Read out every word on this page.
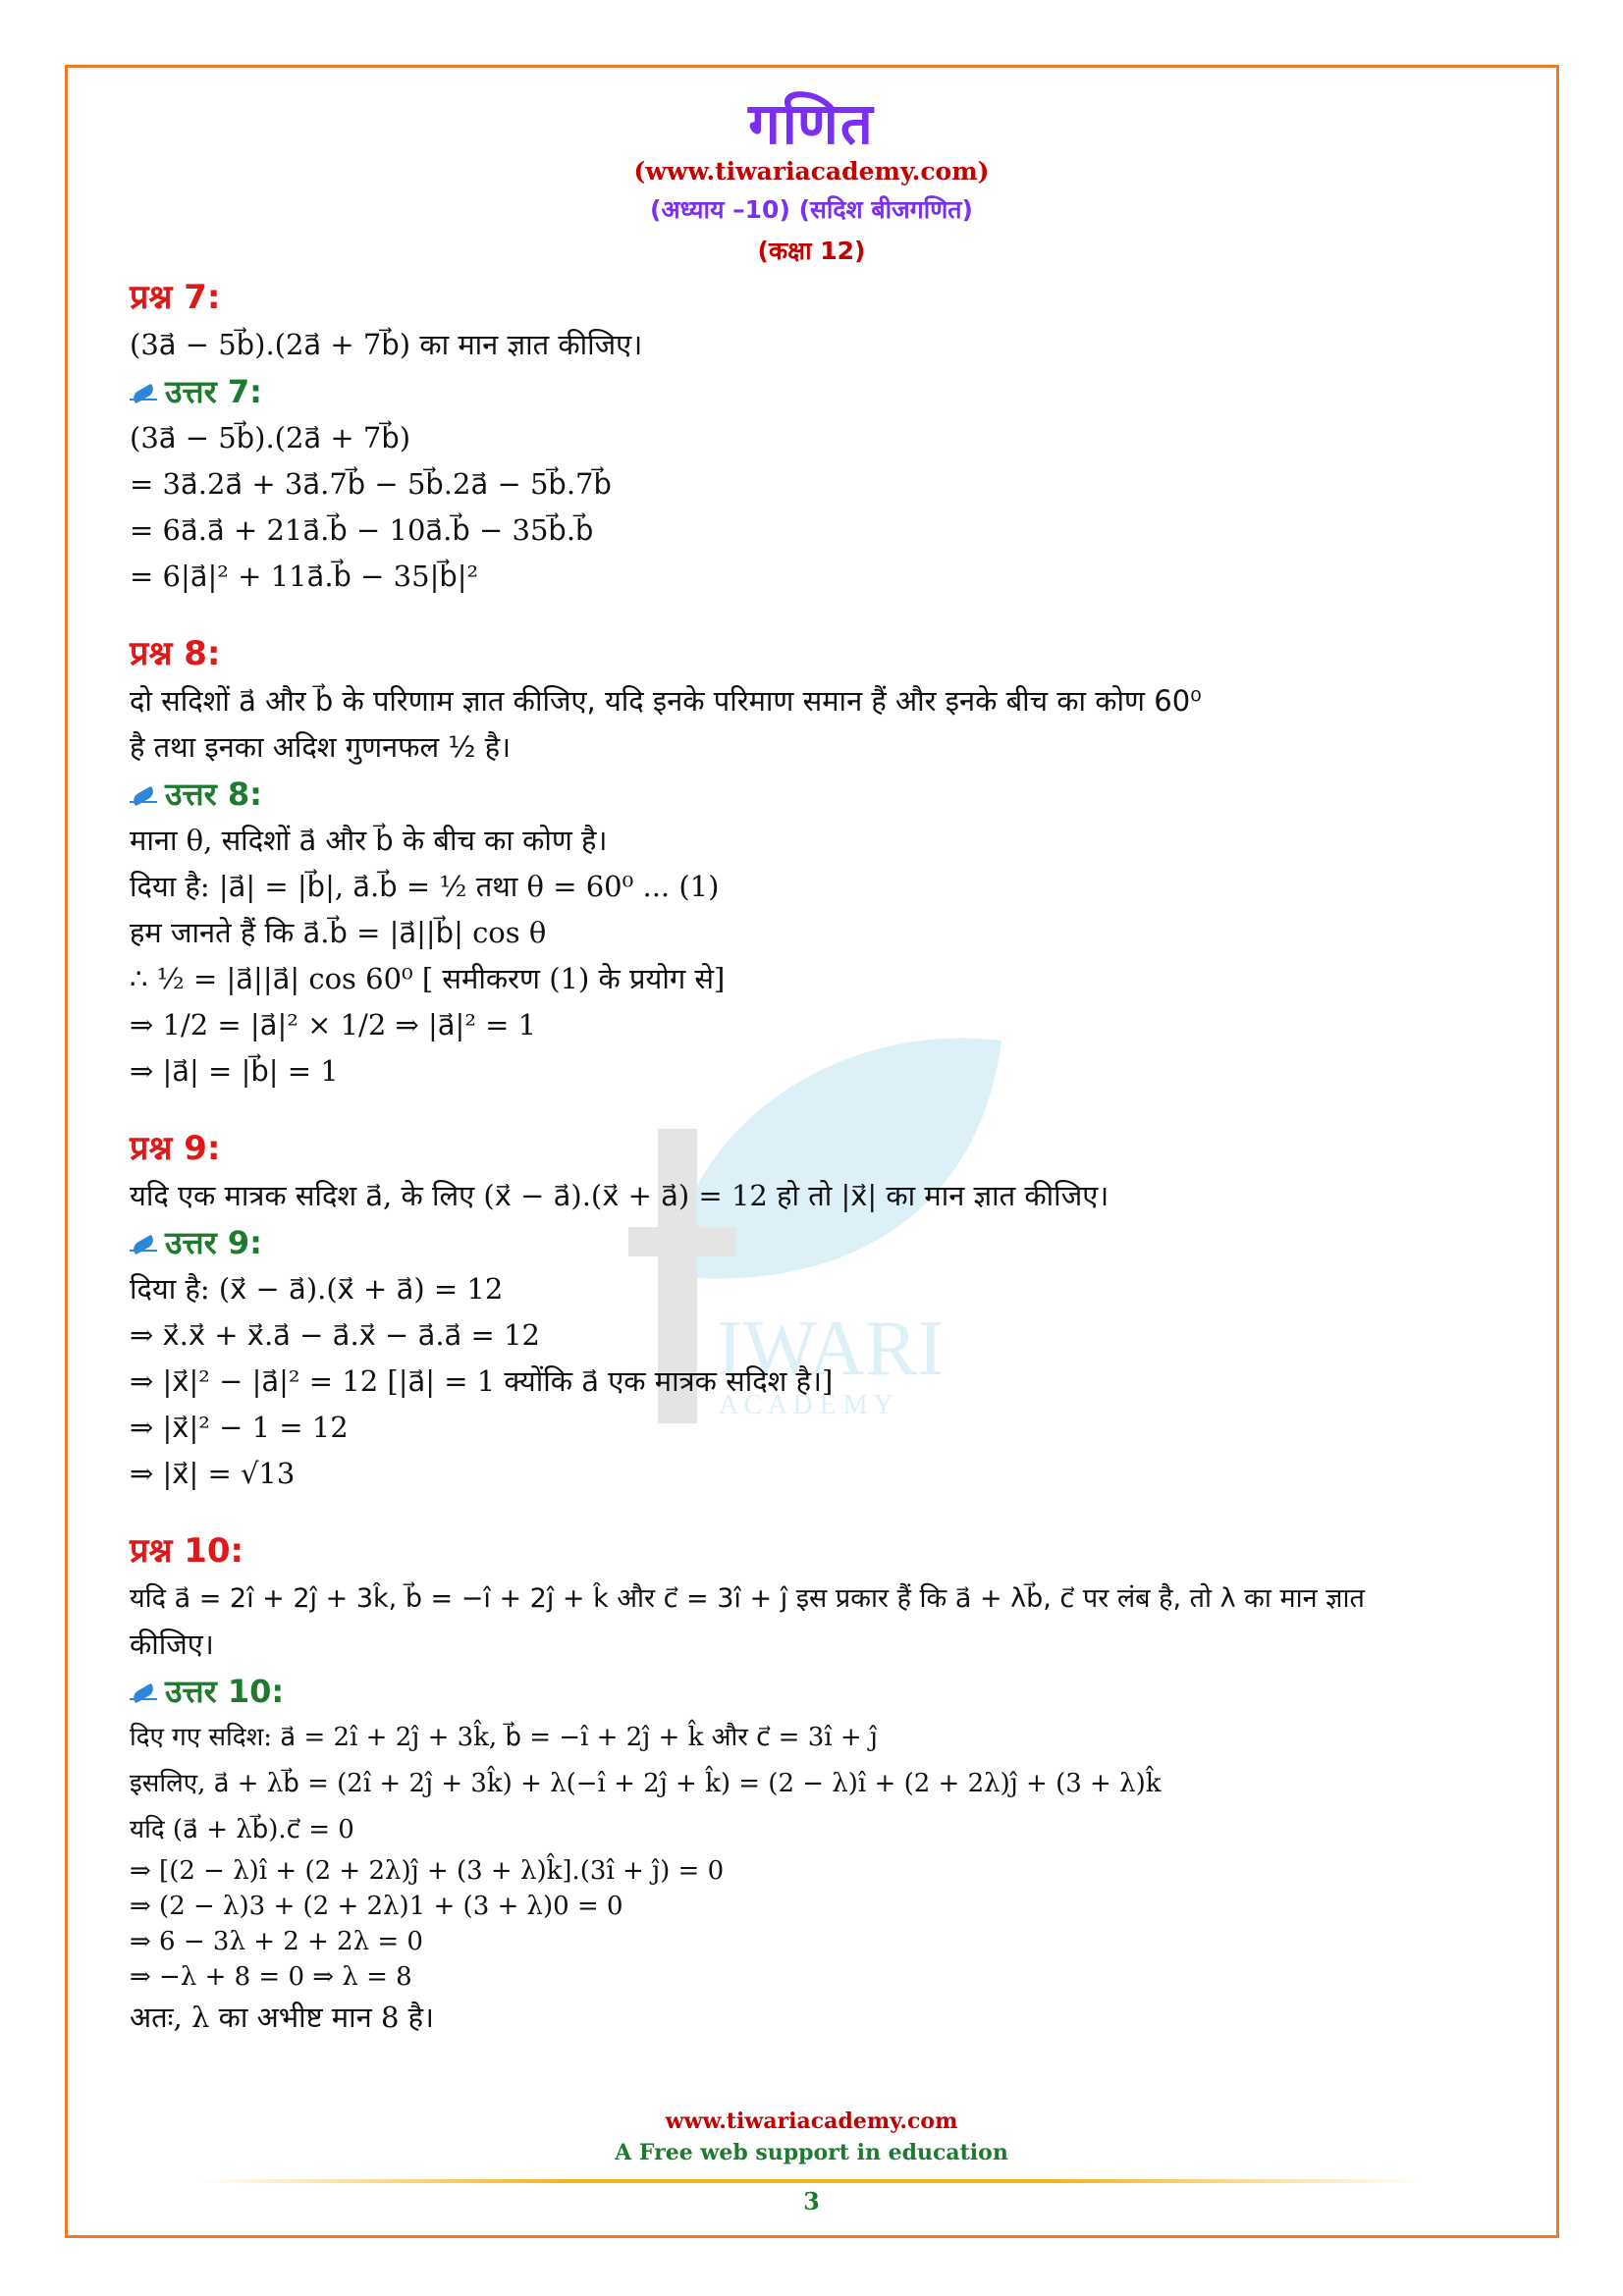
IWARI
A C A D E M Y
गणित
(www.tiwariacademy.com)
(अध्याय –10) (सदिश बीजगणित)
(कक्षा 12)
प्रश्न 7:
(3a⃗ − 5b⃗).(2a⃗ + 7b⃗) का मान ज्ञात कीजिए।
उत्तर 7:
(3a⃗ − 5b⃗).(2a⃗ + 7b⃗)
= 3a⃗.2a⃗ + 3a⃗.7b⃗ − 5b⃗.2a⃗ − 5b⃗.7b⃗
= 6a⃗.a⃗ + 21a⃗.b⃗ − 10a⃗.b⃗ − 35b⃗.b⃗
= 6|a⃗|² + 11a⃗.b⃗ − 35|b⃗|²
प्रश्न 8:
दो सदिशों a⃗ और b⃗ के परिणाम ज्ञात कीजिए, यदि इनके परिमाण समान हैं और इनके बीच का कोण 60⁰
है तथा इनका अदिश गुणनफल ½ है।
उत्तर 8:
माना θ, सदिशों a⃗ और b⃗ के बीच का कोण है।
दिया है: |a⃗| = |b⃗|, a⃗.b⃗ = ½ तथा θ = 60⁰ ... (1)
हम जानते हैं कि a⃗.b⃗ = |a⃗||b⃗| cos θ
∴ ½ = |a⃗||a⃗| cos 60⁰ [ समीकरण (1) के प्रयोग से]
⇒ 1/2 = |a⃗|² × 1/2 ⇒ |a⃗|² = 1
⇒ |a⃗| = |b⃗| = 1
प्रश्न 9:
यदि एक मात्रक सदिश a⃗, के लिए (x⃗ − a⃗).(x⃗ + a⃗) = 12 हो तो |x⃗| का मान ज्ञात कीजिए।
उत्तर 9:
दिया है: (x⃗ − a⃗).(x⃗ + a⃗) = 12
⇒ x⃗.x⃗ + x⃗.a⃗ − a⃗.x⃗ − a⃗.a⃗ = 12
⇒ |x⃗|² − |a⃗|² = 12 [|a⃗| = 1 क्योंकि a⃗ एक मात्रक सदिश है।]
⇒ |x⃗|² − 1 = 12
⇒ |x⃗| = √13
प्रश्न 10:
यदि a⃗ = 2î + 2ĵ + 3k̂, b⃗ = −î + 2ĵ + k̂ और c⃗ = 3î + ĵ इस प्रकार हैं कि a⃗ + λb⃗, c⃗ पर लंब है, तो λ का मान ज्ञात
कीजिए।
उत्तर 10:
दिए गए सदिश: a⃗ = 2î + 2ĵ + 3k̂, b⃗ = −î + 2ĵ + k̂ और c⃗ = 3î + ĵ
इसलिए, a⃗ + λb⃗ = (2î + 2ĵ + 3k̂) + λ(−î + 2ĵ + k̂) = (2 − λ)î + (2 + 2λ)ĵ + (3 + λ)k̂
यदि (a⃗ + λb⃗).c⃗ = 0
⇒ [(2 − λ)î + (2 + 2λ)ĵ + (3 + λ)k̂].(3î + ĵ) = 0
⇒ (2 − λ)3 + (2 + 2λ)1 + (3 + λ)0 = 0
⇒ 6 − 3λ + 2 + 2λ = 0
⇒ −λ + 8 = 0 ⇒ λ = 8
अतः, λ का अभीष्ट मान 8 है।
www.tiwariacademy.com
A Free web support in education
3
